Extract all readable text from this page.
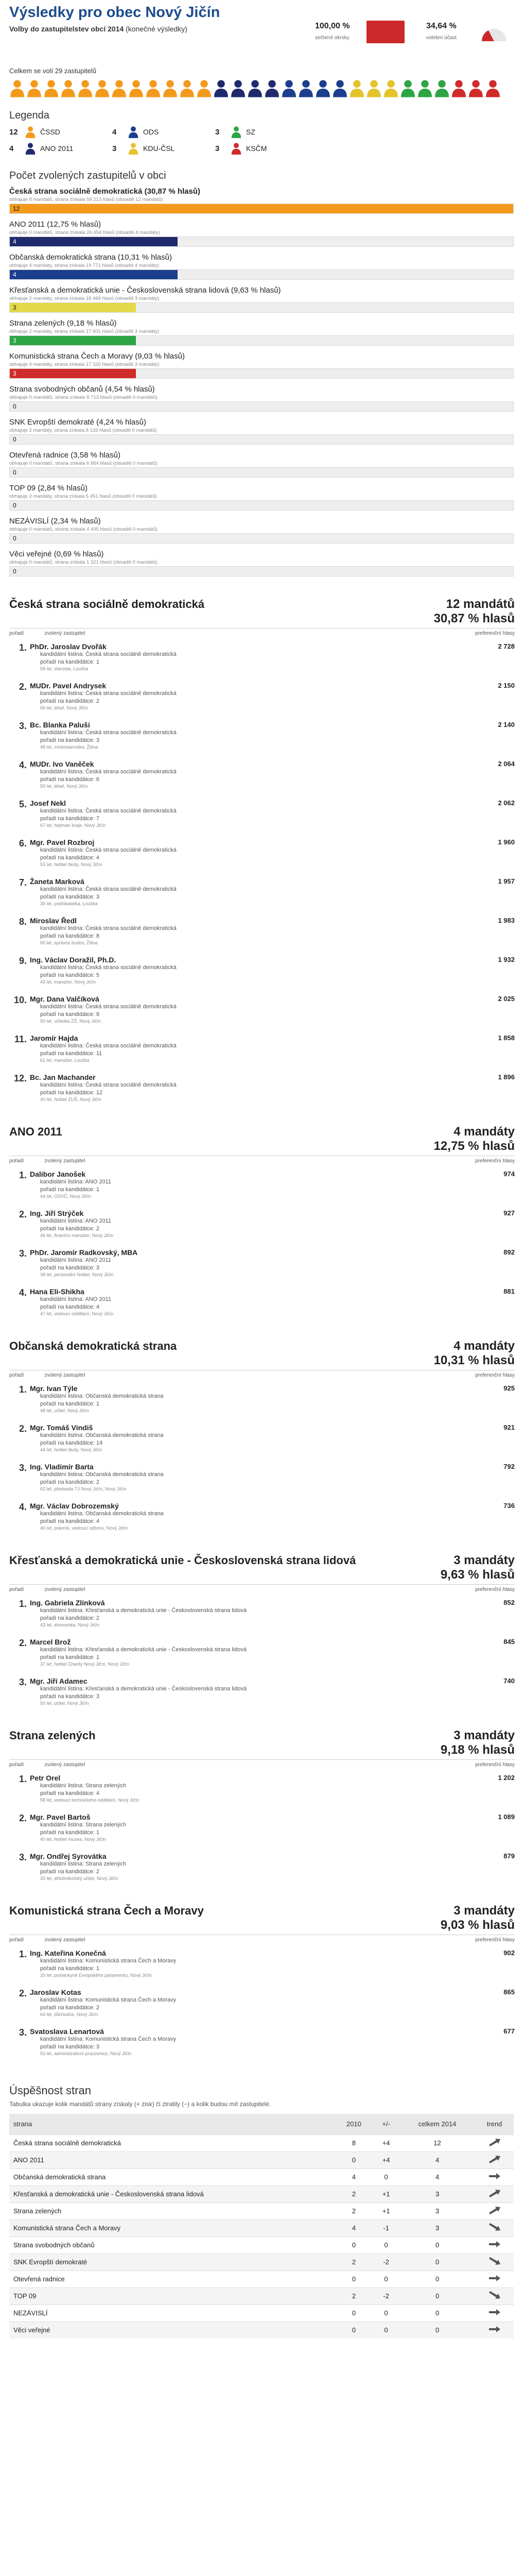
Výsledky pro obec Nový Jičín
Volby do zastupitelstev obcí 2014 (konečné výsledky)	100,00 %
sečtené okrsky
34,64 %
volební účast
Celkem se volí 29 zastupitelů
Legenda
12	ČSSD	4	ODS	3	SZ
4	ANO 2011	3	KDU-ČSL	3	KSČM
Počet zvolených zastupitelů v obci
Česká strana sociálně demokratická (30,87 % hlasů)
obhajuje 8 mandátů, strana získala 59 213 hlasů (obsadili 12 mandátů)
12
ANO 2011 (12,75 % hlasů)
obhajuje 0 mandátů, strana získala 24 454 hlasů (obsadili 4 mandáty)
4
Občanská demokratická strana (10,31 % hlasů)
obhajuje 4 mandáty, strana získala 19 771 hlasů (obsadili 4 mandáty)
4
Křesťanská a demokratická unie - Československá strana lidová (9,63 % hlasů)
obhajuje 2 mandáty, strana získala 18 469 hlasů (obsadili 3 mandáty)
3
Strana zelených (9,18 % hlasů)
obhajuje 2 mandáty, strana získala 17 601 hlasů (obsadili 3 mandáty)
3
Komunistická strana Čech a Moravy (9,03 % hlasů)
obhajuje 4 mandáty, strana získala 17 320 hlasů (obsadili 3 mandáty)
3
Strana svobodných občanů (4,54 % hlasů)
obhajuje 0 mandátů, strana získala 8 713 hlasů (obsadili 0 mandátů)
0
SNK Evropští demokraté (4,24 % hlasů)
obhajuje 2 mandáty, strana získala 8 133 hlasů (obsadili 0 mandátů)
0
Otevřená radnice (3,58 % hlasů)
obhajuje 0 mandátů, strana získala 6 864 hlasů (obsadili 0 mandátů)
0
TOP 09 (2,84 % hlasů)
obhajuje 2 mandáty, strana získala 5 451 hlasů (obsadili 0 mandátů)
0
NEZÁVISLÍ (2,34 % hlasů)
obhajuje 0 mandátů, strana získala 4 495 hlasů (obsadili 0 mandátů)
0
Věci veřejné (0,69 % hlasů)
obhajuje 0 mandátů, strana získala 1 321 hlasů (obsadili 0 mandátů)
0
Česká strana sociálně demokratická	12 mandátů
30,87 % hlasů
pořadí	zvolený zastupitel	preferenční hlasy
1. PhDr. Jaroslav Dvořák
kandidátní listina: Česká strana sociálně demokratická
pořadí na kandidátce: 1
58 let, starosta, Loučka
2 728
2. MUDr. Pavel Andrysek
kandidátní listina: Česká strana sociálně demokratická
pořadí na kandidátce: 2
56 let, lékař, Nový Jičín
2 150
3. Bc. Blanka Paluši
kandidátní listina: Česká strana sociálně demokratická
pořadí na kandidátce: 3
48 let, místostarostka, Žilina
2 140
4. MUDr. Ivo Vaněček
kandidátní listina: Česká strana sociálně demokratická
pořadí na kandidátce: 6
59 let, lékař, Nový Jičín
2 064
5. Josef Nekl
kandidátní listina: Česká strana sociálně demokratická
pořadí na kandidátce: 7
67 let, hejtman kraje, Nový Jičín
2 062
6. Mgr. Pavel Rozbroj
kandidátní listina: Česká strana sociálně demokratická
pořadí na kandidátce: 4
53 let, ředitel školy, Nový Jičín
1 960
7. Žaneta Marková
kandidátní listina: Česká strana sociálně demokratická
pořadí na kandidátce: 3
39 let, podnikatelka, Loučka
1 957
8. Miroslav Ředl
kandidátní listina: Česká strana sociálně demokratická
pořadí na kandidátce: 8
60 let, správce budov, Žilina
1 983
9. Ing. Václav Doražil, Ph.D.
kandidátní listina: Česká strana sociálně demokratická
pořadí na kandidátce: 5
43 let, manažer, Nový Jičín
1 932
10. Mgr. Dana Valčíková
kandidátní listina: Česká strana sociálně demokratická
pořadí na kandidátce: 9
50 let, učitelka ZŠ, Nový Jičín
2 025
11. Jaromír Hajda
kandidátní listina: Česká strana sociálně demokratická
pořadí na kandidátce: 11
61 let, manažer, Loučka
1 858
12. Bc. Jan Machander
kandidátní listina: Česká strana sociálně demokratická
pořadí na kandidátce: 12
40 let, ředitel ZUŠ, Nový Jičín
1 896
ANO 2011	4 mandáty
12,75 % hlasů
pořadí	zvolený zastupitel	preferenční hlasy
1. Dalibor Janošek
kandidátní listina: ANO 2011
pořadí na kandidátce: 1
44 let, OSVČ, Nový Jičín
974
2. Ing. Jiří Strýček
kandidátní listina: ANO 2011
pořadí na kandidátce: 2
46 let, finanční manažer, Nový Jičín
927
3. PhDr. Jaromír Radkovský, MBA
kandidátní listina: ANO 2011
pořadí na kandidátce: 3
38 let, personální ředitel, Nový Jičín
892
4. Hana Eli-Shikha
kandidátní listina: ANO 2011
pořadí na kandidátce: 4
47 let, vedoucí oddělení, Nový Jičín
881
Občanská demokratická strana	4 mandáty
10,31 % hlasů
pořadí	zvolený zastupitel	preferenční hlasy
1. Mgr. Ivan Týle
kandidátní listina: Občanská demokratická strana
pořadí na kandidátce: 1
48 let, učitel, Nový Jičín
925
2. Mgr. Tomáš Vindiš
kandidátní listina: Občanská demokratická strana
pořadí na kandidátce: 14
44 let, ředitel školy, Nový Jičín
921
3. Ing. Vladimír Barta
kandidátní listina: Občanská demokratická strana
pořadí na kandidátce: 2
62 let, předseda TJ Nový Jičín, Nový Jičín
792
4. Mgr. Václav Dobrozemský
kandidátní listina: Občanská demokratická strana
pořadí na kandidátce: 4
40 let, právník, vedoucí odboru, Nový Jičín
736
Křesťanská a demokratická unie - Československá strana lidová	3 mandáty
9,63 % hlasů
pořadí	zvolený zastupitel	preferenční hlasy
1. Ing. Gabriela Zlínková
kandidátní listina: Křesťanská a demokratická unie - Československá strana lidová
pořadí na kandidátce: 2
43 let, ekonomka, Nový Jičín
852
2. Marcel Brož
kandidátní listina: Křesťanská a demokratická unie - Československá strana lidová
pořadí na kandidátce: 1
37 let, ředitel Charity Nový Jičín, Nový Jičín
845
3. Mgr. Jiří Adamec
kandidátní listina: Křesťanská a demokratická unie - Československá strana lidová
pořadí na kandidátce: 3
50 let, učitel, Nový Jičín
740
Strana zelených	3 mandáty
9,18 % hlasů
pořadí	zvolený zastupitel	preferenční hlasy
1. Petr Orel
kandidátní listina: Strana zelených
pořadí na kandidátce: 4
58 let, vedoucí technického oddělení, Nový Jičín
1 202
2. Mgr. Pavel Bartoš
kandidátní listina: Strana zelených
pořadí na kandidátce: 1
40 let, ředitel muzea, Nový Jičín
1 089
3. Mgr. Ondřej Syrovátka
kandidátní listina: Strana zelených
pořadí na kandidátce: 2
33 let, středoškolský učitel, Nový Jičín
879
Komunistická strana Čech a Moravy	3 mandáty
9,03 % hlasů
pořadí	zvolený zastupitel	preferenční hlasy
1. Ing. Kateřina Konečná
kandidátní listina: Komunistická strana Čech a Moravy
pořadí na kandidátce: 1
33 let, poslankyně Evropského parlamentu, Nový Jičín
902
2. Jaroslav Kotas
kandidátní listina: Komunistická strana Čech a Moravy
pořadí na kandidátce: 2
64 let, důchodce, Nový Jičín
865
3. Svatoslava Lenartová
kandidátní listina: Komunistická strana Čech a Moravy
pořadí na kandidátce: 3
53 let, administrativní pracovnice, Nový Jičín
677
Úspěšnost stran
Tabulka ukazuje kolik mandátů strany získaly (+ zisk) či ztratily (−) a kolik budou mít zastupitelé.
strana	2010	+/-	celkem 2014	trend
Česká strana sociálně demokratická	8	+4	12	
ANO 2011	0	+4	4	
Občanská demokratická strana	4	0	4	
Křesťanská a demokratická unie - Československá strana lidová	2	+1	3	
Strana zelených	2	+1	3	
Komunistická strana Čech a Moravy	4	-1	3	
Strana svobodných občanů	0	0	0	
SNK Evropští demokraté	2	-2	0	
Otevřená radnice	0	0	0	
TOP 09	2	-2	0	
NEZÁVISLÍ	0	0	0	
Věci veřejné	0	0	0	
